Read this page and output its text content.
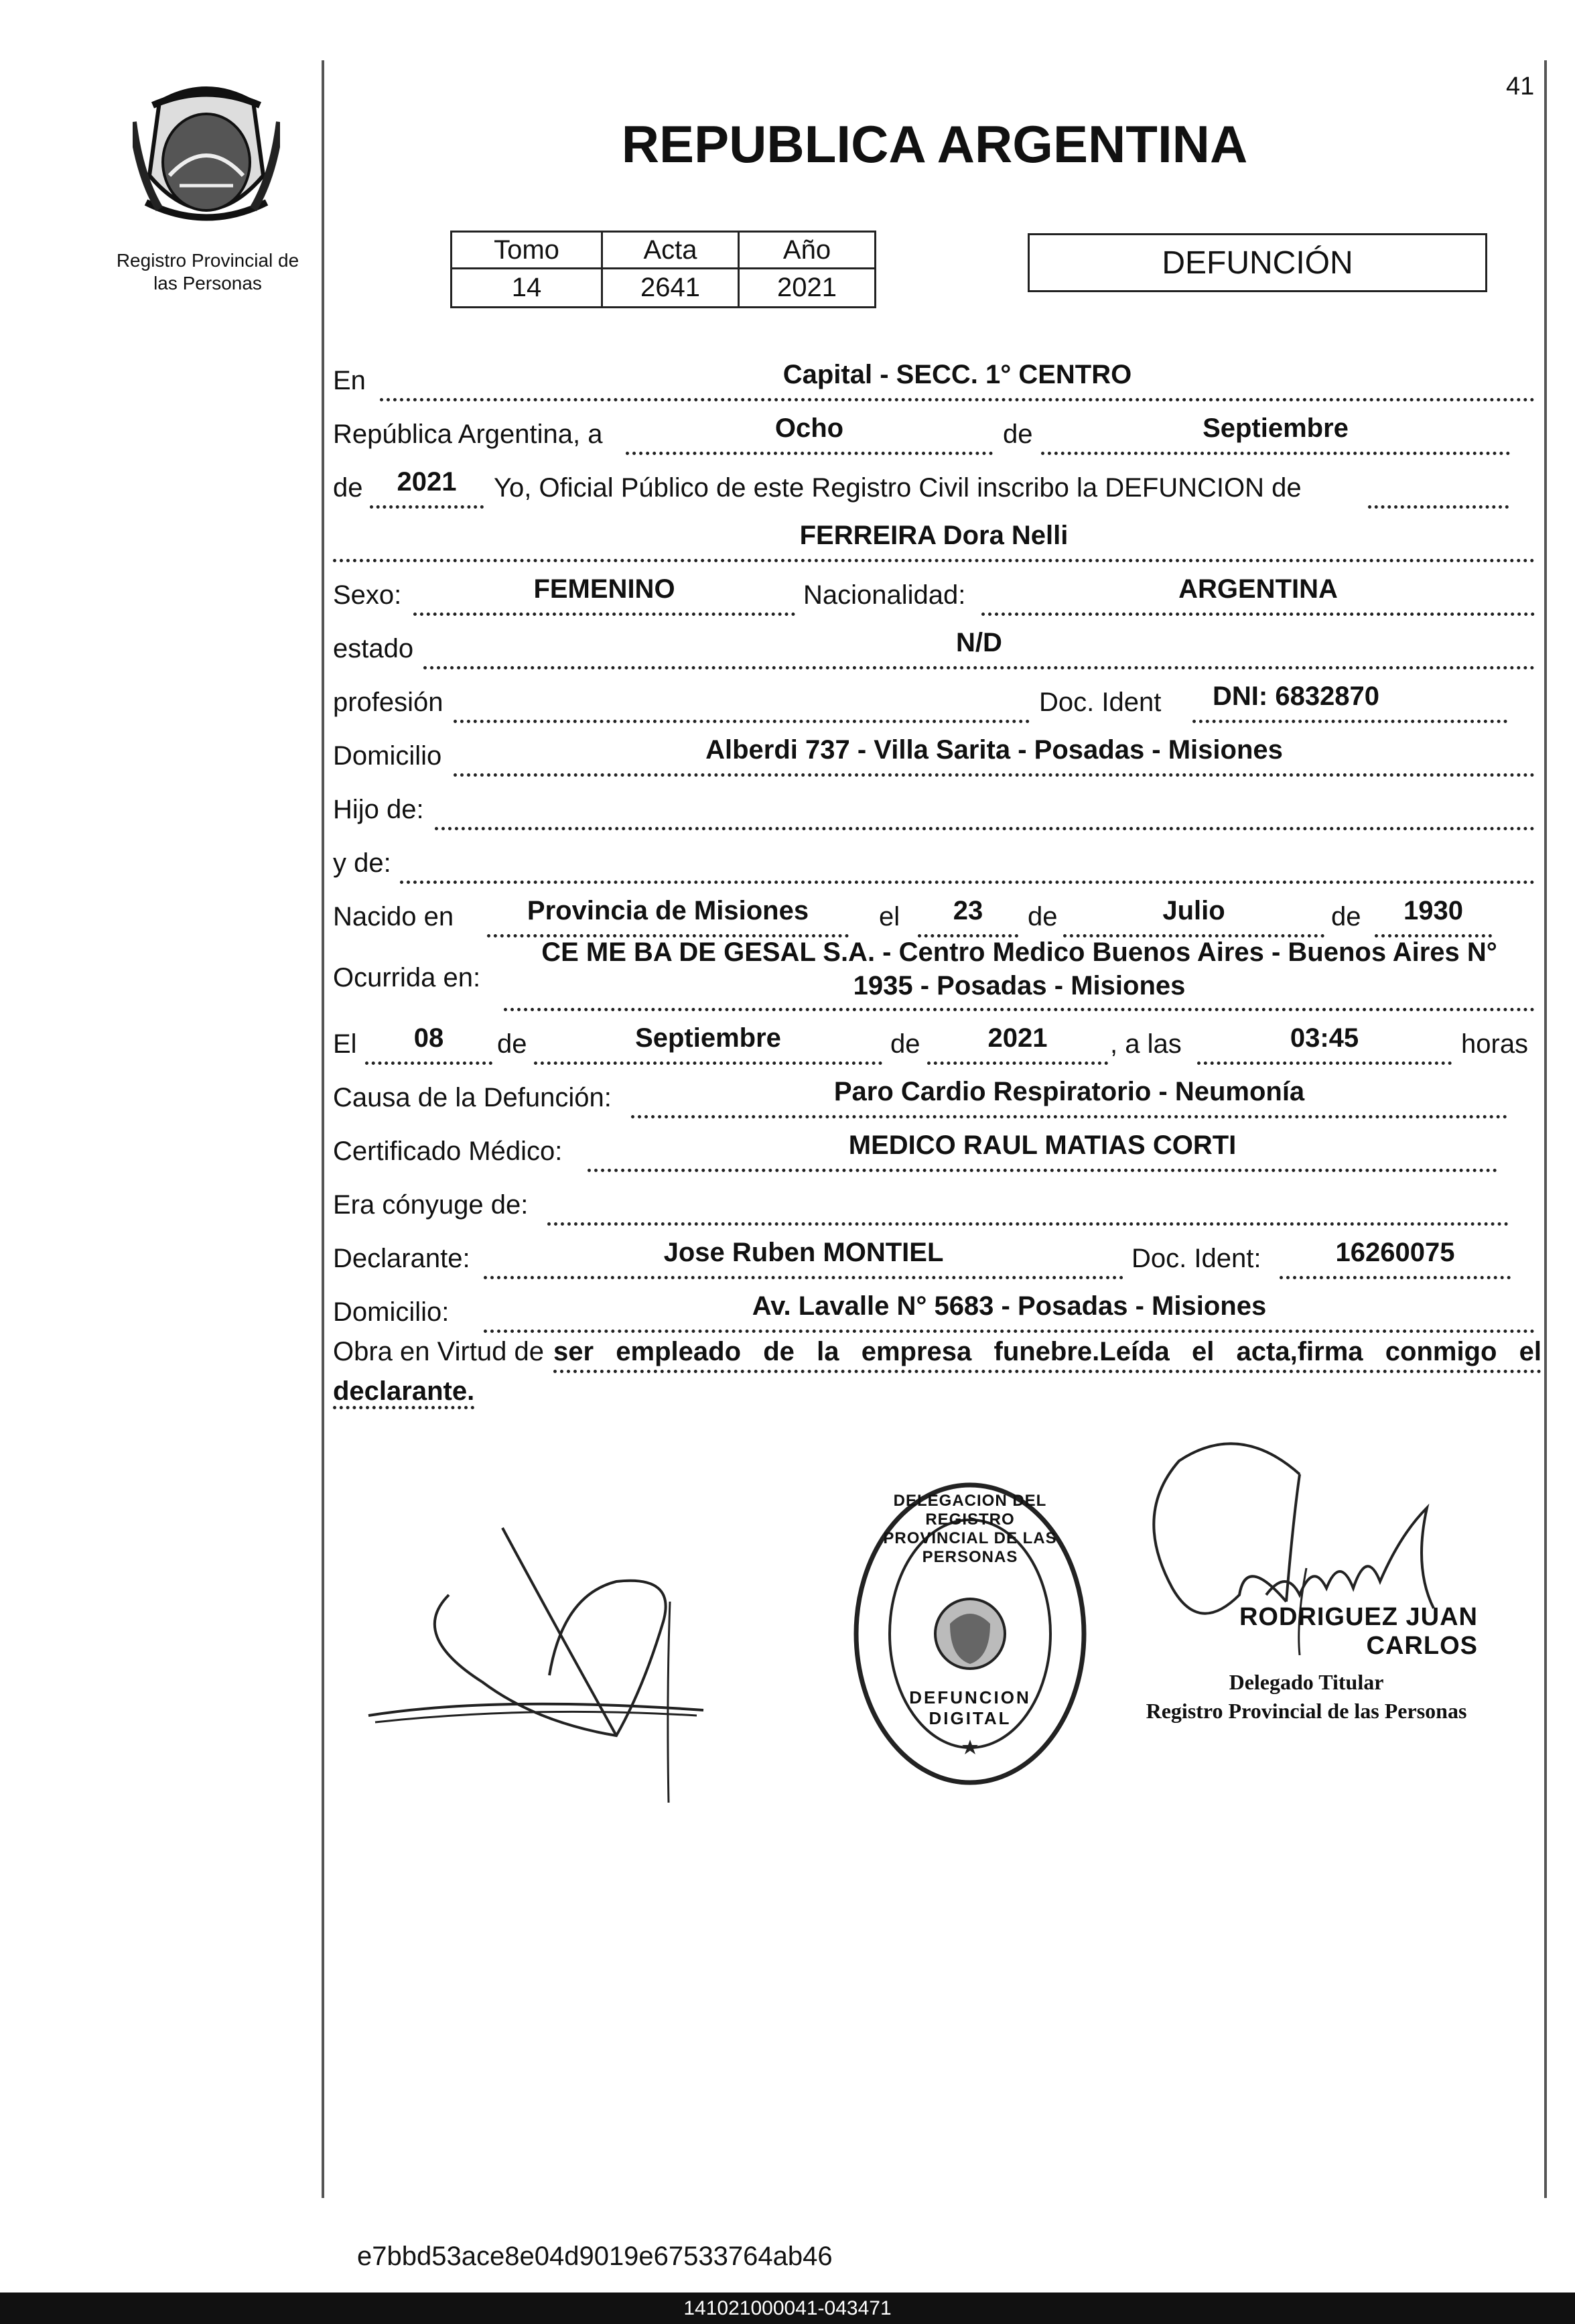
41
Registro Provincial de
las Personas
REPUBLICA ARGENTINA
Tomo	Acta	Año
14	2641	2021
DEFUNCIÓN
En	Capital - SECC. 1° CENTRO
República Argentina, a	Ocho	de	Septiembre
de	2021	Yo, Oficial Público de este Registro Civil inscribo la DEFUNCION de
FERREIRA Dora Nelli
Sexo:	FEMENINO	Nacionalidad:	ARGENTINA
estado	N/D
profesión	Doc. Ident	DNI: 6832870
Domicilio	Alberdi 737 - Villa Sarita - Posadas - Misiones
Hijo de:
y de:
Nacido en	Provincia de Misiones	el	23	de	Julio	de	1930
Ocurrida en:
CE ME BA DE GESAL S.A. - Centro Medico Buenos Aires - Buenos Aires N°
1935 - Posadas - Misiones
El	08	de	Septiembre	de	2021	, a las	03:45	horas
Causa de la Defunción:	Paro Cardio Respiratorio - Neumonía
Certificado Médico:	MEDICO RAUL MATIAS CORTI
Era cónyuge de:
Declarante:	Jose Ruben MONTIEL	Doc. Ident:	16260075
Domicilio:	Av. Lavalle N° 5683 - Posadas - Misiones
Obra en Virtud de ser empleado de la empresa funebre.Leída el acta,firma conmigo el
declarante.
DELEGACION DEL REGISTRO PROVINCIAL DE LAS PERSONAS
DEFUNCION DIGITAL
RODRIGUEZ JUAN CARLOS
Delegado Titular
Registro Provincial de las Personas
e7bbd53ace8e04d9019e67533764ab46
141021000041-043471
